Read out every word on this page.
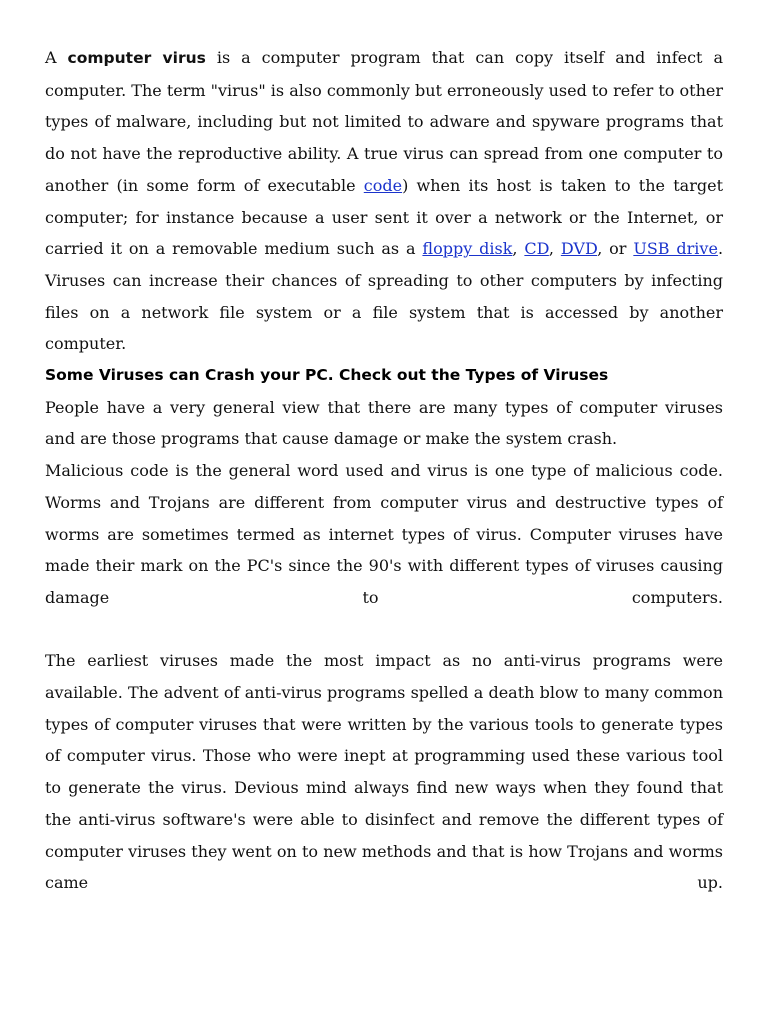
A computer virus is a computer program that can copy itself and infect a computer. The term "virus" is also commonly but erroneously used to refer to other types of malware, including but not limited to adware and spyware programs that do not have the reproductive ability. A true virus can spread from one computer to another (in some form of executable code) when its host is taken to the target computer; for instance because a user sent it over a network or the Internet, or carried it on a removable medium such as a floppy disk, CD, DVD, or USB drive. Viruses can increase their chances of spreading to other computers by infecting files on a network file system or a file system that is accessed by another computer.

Some Viruses can Crash your PC. Check out the Types of Viruses

People have a very general view that there are many types of computer viruses and are those programs that cause damage or make the system crash.

Malicious code is the general word used and virus is one type of malicious code. Worms and Trojans are different from computer virus and destructive types of worms are sometimes termed as internet types of virus. Computer viruses have made their mark on the PC's since the 90's with different types of viruses causing damage to computers.

The earliest viruses made the most impact as no anti-virus programs were available. The advent of anti-virus programs spelled a death blow to many common types of computer viruses that were written by the various tools to generate types of computer virus. Those who were inept at programming used these various tool to generate the virus. Devious mind always find new ways when they found that the anti-virus software's were able to disinfect and remove the different types of computer viruses they went on to new methods and that is how Trojans and worms came up.
